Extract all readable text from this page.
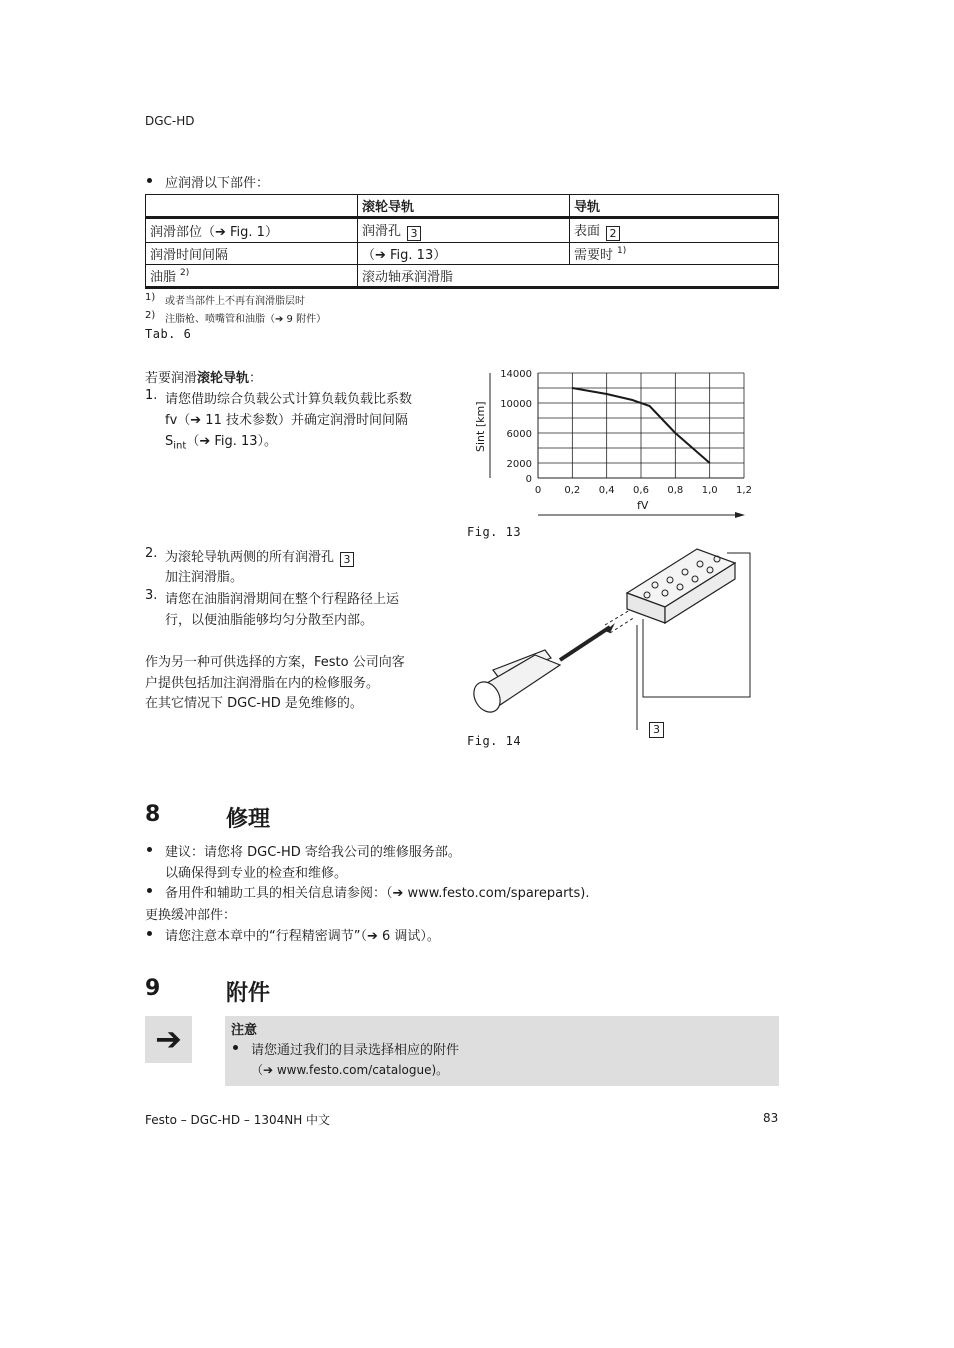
DGC-HD
应润滑以下部件：
	滚轮导轨	导轨
润滑部位（➔ Fig. 1）	润滑孔 3	表面 2
润滑时间间隔	（➔ Fig. 13）	需要时 $^{1)}$
油脂 $^{2)}$	滚动轴承润滑脂	
1) 或者当部件上不再有润滑脂层时
2) 注脂枪、喷嘴管和油脂（➔ 9 附件）
Tab. 6
若要润滑滚轮导轨：
1. 请您借助综合负载公式计算负载负载比系数
fv（➔ 11 技术参数）并确定润滑时间间隔
$S_{int}(➔$ Fig. 13）。
0 0,2 0,4 0,6 0,8 1,0 1,2
0
2000
6000
10000
14000
Sint [km]
fV
Fig. 13
2. 为滚轮导轨两侧的所有润滑孔 3
加注润滑脂。
3. 请您在油脂润滑期间在整个行程路径上运
行，以便油脂能够均匀分散至内部。
作为另一种可供选择的方案，Festo 公司向客
户提供包括加注润滑脂在内的检修服务。
在其它情况下 DGC-HD 是免维修的。
3
Fig. 14
8	修理
建议：请您将 DGC-HD 寄给我公司的维修服务部。
以确保得到专业的检查和维修。
备用件和辅助工具的相关信息请参阅：（➔ www.festo.com/spareparts).
更换缓冲部件：
请您注意本章中的“行程精密调节”（➔ 6 调试）。
9	附件
➔	注意
请您通过我们的目录选择相应的附件
（➔ www.festo.com/catalogue)。
Festo – DGC-HD – 1304NH 中文	83
